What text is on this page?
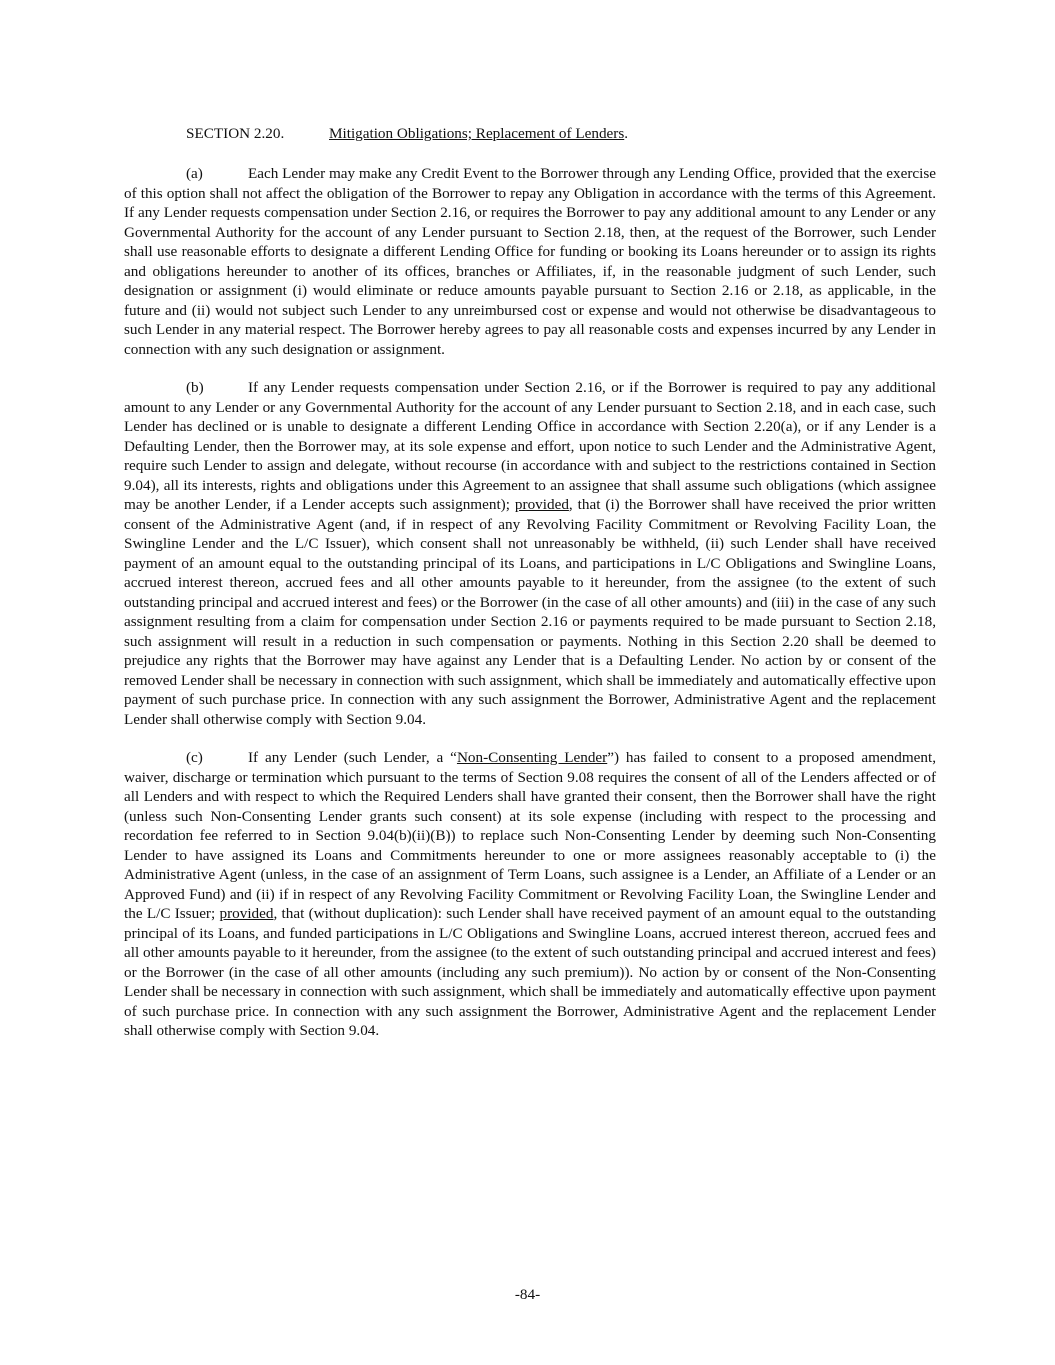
SECTION 2.20.	Mitigation Obligations; Replacement of Lenders.

(a)	Each Lender may make any Credit Event to the Borrower through any Lending Office, provided that the exercise of this option shall not affect the obligation of the Borrower to repay any Obligation in accordance with the terms of this Agreement. If any Lender requests compensation under Section 2.16, or requires the Borrower to pay any additional amount to any Lender or any Governmental Authority for the account of any Lender pursuant to Section 2.18, then, at the request of the Borrower, such Lender shall use reasonable efforts to designate a different Lending Office for funding or booking its Loans hereunder or to assign its rights and obligations hereunder to another of its offices, branches or Affiliates, if, in the reasonable judgment of such Lender, such designation or assignment (i) would eliminate or reduce amounts payable pursuant to Section 2.16 or 2.18, as applicable, in the future and (ii) would not subject such Lender to any unreimbursed cost or expense and would not otherwise be disadvantageous to such Lender in any material respect. The Borrower hereby agrees to pay all reasonable costs and expenses incurred by any Lender in connection with any such designation or assignment.

(b)	If any Lender requests compensation under Section 2.16, or if the Borrower is required to pay any additional amount to any Lender or any Governmental Authority for the account of any Lender pursuant to Section 2.18, and in each case, such Lender has declined or is unable to designate a different Lending Office in accordance with Section 2.20(a), or if any Lender is a Defaulting Lender, then the Borrower may, at its sole expense and effort, upon notice to such Lender and the Administrative Agent, require such Lender to assign and delegate, without recourse (in accordance with and subject to the restrictions contained in Section 9.04), all its interests, rights and obligations under this Agreement to an assignee that shall assume such obligations (which assignee may be another Lender, if a Lender accepts such assignment); provided, that (i) the Borrower shall have received the prior written consent of the Administrative Agent (and, if in respect of any Revolving Facility Commitment or Revolving Facility Loan, the Swingline Lender and the L/C Issuer), which consent shall not unreasonably be withheld, (ii) such Lender shall have received payment of an amount equal to the outstanding principal of its Loans, and participations in L/C Obligations and Swingline Loans, accrued interest thereon, accrued fees and all other amounts payable to it hereunder, from the assignee (to the extent of such outstanding principal and accrued interest and fees) or the Borrower (in the case of all other amounts) and (iii) in the case of any such assignment resulting from a claim for compensation under Section 2.16 or payments required to be made pursuant to Section 2.18, such assignment will result in a reduction in such compensation or payments. Nothing in this Section 2.20 shall be deemed to prejudice any rights that the Borrower may have against any Lender that is a Defaulting Lender. No action by or consent of the removed Lender shall be necessary in connection with such assignment, which shall be immediately and automatically effective upon payment of such purchase price. In connection with any such assignment the Borrower, Administrative Agent and the replacement Lender shall otherwise comply with Section 9.04.

(c)	If any Lender (such Lender, a “Non-Consenting Lender”) has failed to consent to a proposed amendment, waiver, discharge or termination which pursuant to the terms of Section 9.08 requires the consent of all of the Lenders affected or of all Lenders and with respect to which the Required Lenders shall have granted their consent, then the Borrower shall have the right (unless such Non-Consenting Lender grants such consent) at its sole expense (including with respect to the processing and recordation fee referred to in Section 9.04(b)(ii)(B)) to replace such Non-Consenting Lender by deeming such Non-Consenting Lender to have assigned its Loans and Commitments hereunder to one or more assignees reasonably acceptable to (i) the Administrative Agent (unless, in the case of an assignment of Term Loans, such assignee is a Lender, an Affiliate of a Lender or an Approved Fund) and (ii) if in respect of any Revolving Facility Commitment or Revolving Facility Loan, the Swingline Lender and the L/C Issuer; provided, that (without duplication): such Lender shall have received payment of an amount equal to the outstanding principal of its Loans, and funded participations in L/C Obligations and Swingline Loans, accrued interest thereon, accrued fees and all other amounts payable to it hereunder, from the assignee (to the extent of such outstanding principal and accrued interest and fees) or the Borrower (in the case of all other amounts (including any such premium)). No action by or consent of the Non-Consenting Lender shall be necessary in connection with such assignment, which shall be immediately and automatically effective upon payment of such purchase price. In connection with any such assignment the Borrower, Administrative Agent and the replacement Lender shall otherwise comply with Section 9.04.

-84-
